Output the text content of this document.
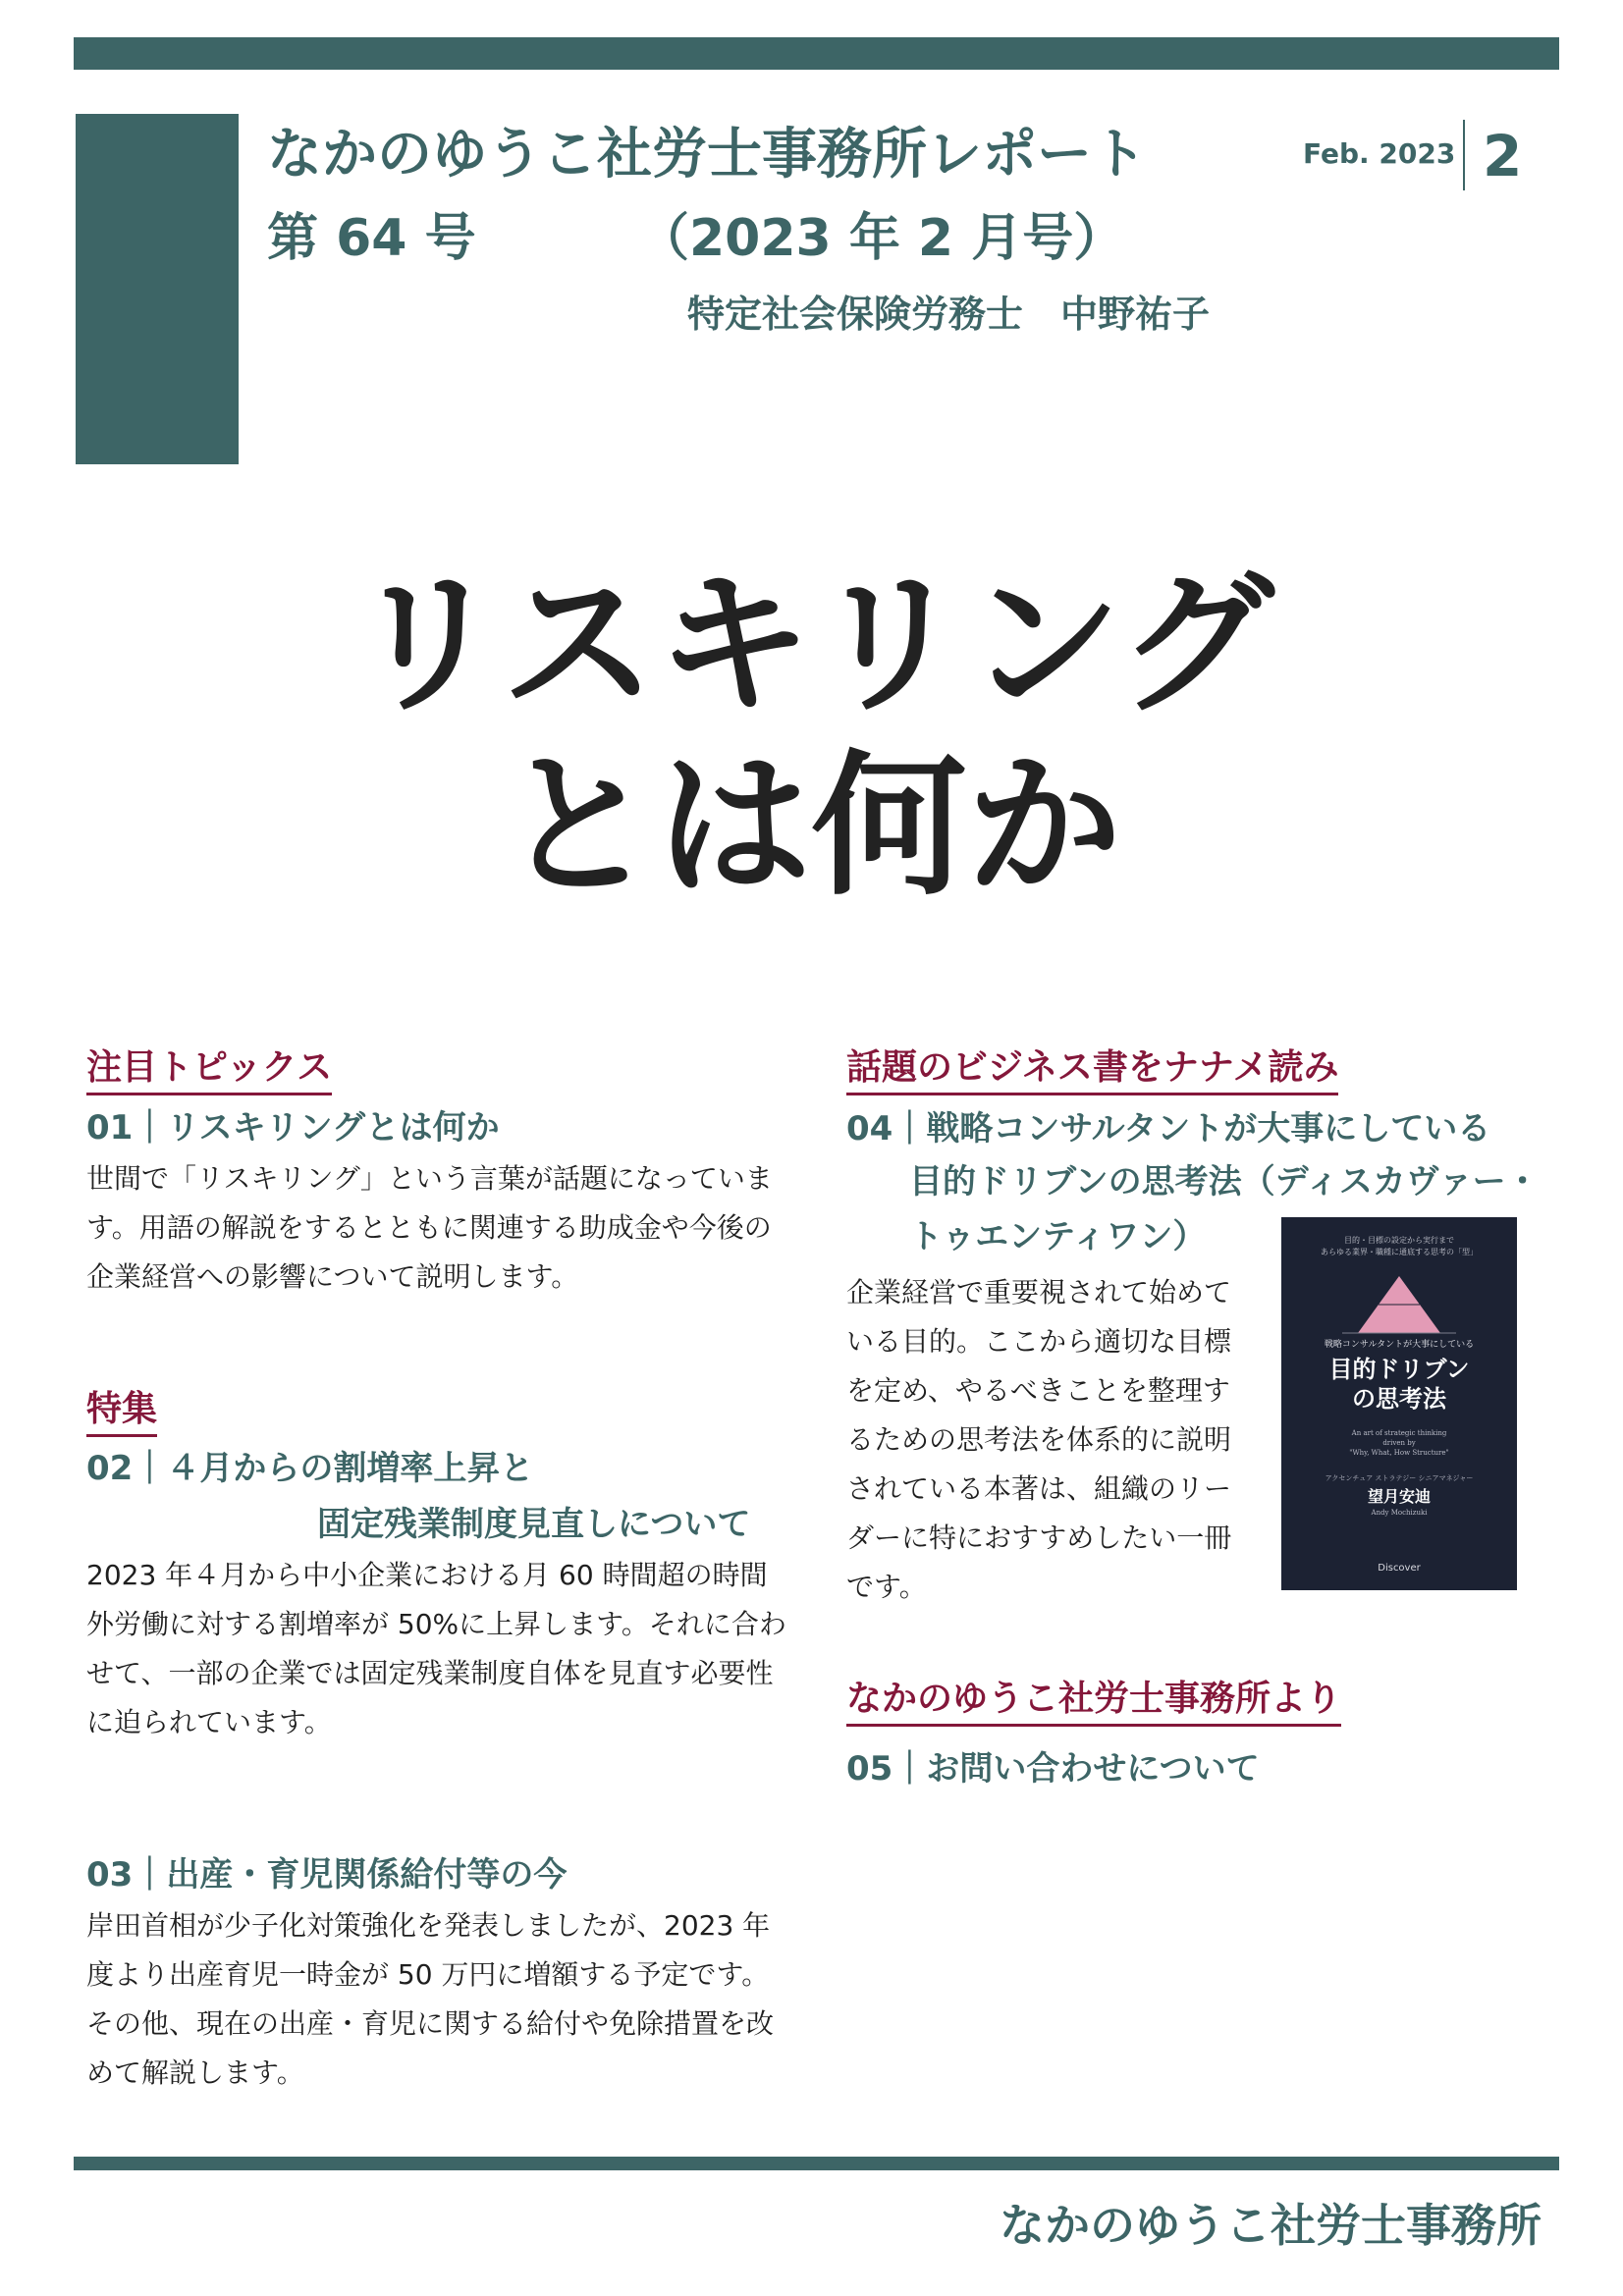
なかのゆうこ社労士事務所レポート
第 64 号	（2023 年 2 月号）
特定社会保険労務士　中野祐子
Feb. 2023 2
リスキリング
とは何か
注目トピックス
01｜リスキリングとは何か
世間で「リスキリング」という言葉が話題になっています。用語の解説をするとともに関連する助成金や今後の企業経営への影響について説明します。
特集
02｜４月からの割増率上昇と
固定残業制度見直しについて
2023 年４月から中小企業における月 60 時間超の時間外労働に対する割増率が 50%に上昇します。それに合わせて、一部の企業では固定残業制度自体を見直す必要性に迫られています。
03｜出産・育児関係給付等の今
岸田首相が少子化対策強化を発表しましたが、2023 年度より出産育児一時金が 50 万円に増額する予定です。その他、現在の出産・育児に関する給付や免除措置を改めて解説します。
話題のビジネス書をナナメ読み
04｜戦略コンサルタントが大事にしている
目的ドリブンの思考法（ディスカヴァー・
トゥエンティワン）
企業経営で重要視されて始めている目的。ここから適切な目標を定め、やるべきことを整理するための思考法を体系的に説明されている本著は、組織のリーダーに特におすすめしたい一冊です。
目的・目標の設定から実行まで
あらゆる業界・職種に通底する思考の「型」
戦略コンサルタントが大事にしている
目的ドリブン
の思考法
An art of strategic thinking
driven by
"Why, What, How Structure"
アクセンチュア ストラテジー シニアマネジャー
望月安迪
Andy Mochizuki
Discover
なかのゆうこ社労士事務所より
05｜お問い合わせについて
なかのゆうこ社労士事務所
